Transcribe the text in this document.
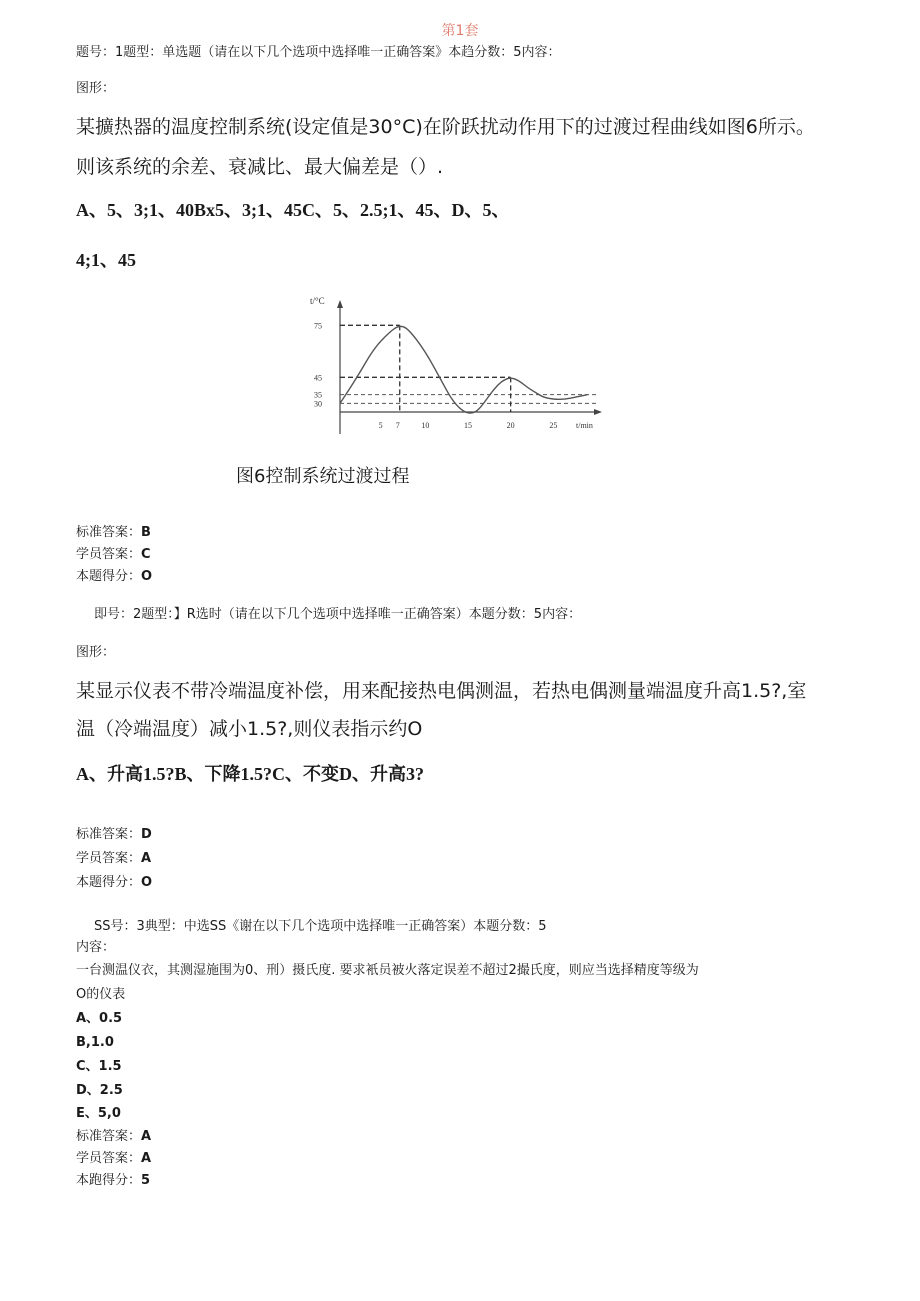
第1套
题号：1题型：单选题（请在以下几个选项中选择唯一正确答案》本趋分数：5内容：
图形：
某擴热器的温度控制系统(设定值是30°C)在阶跃扰动作用下的过渡过程曲线如图6所示。
则该系统的余差、衰减比、最大偏差是（）.
A、5、3;1、40Bx5、3;1、45C、5、2.5;1、45、D、5、
4;1、45
t/°C
t/min
75
45
35
30
5 7	10	15	20	25
图6控制系统过渡过程
标准答案：B
学员答案：C
本题得分：O
即号：2题型：】R选时（请在以下几个选项中选择唯一正确答案）本题分数：5内容：
图形：
某显示仪表不带冷端温度补偿，用来配接热电偶测温，若热电偶测量端温度升高1.5?,室
温（冷端温度）减小1.5?,则仪表指示约O
A、升高1.5?B、下降1.5?C、不变D、升高3?
标准答案：D
学员答案：A
本题得分：O
SS号：3典型：中选SS《谢在以下几个选项中选择唯一正确答案）本题分数：5
内容：
一台测温仪衣，其测湿施围为0、刑）摄氏度. 要求衹员被火落定误差不超过2撮氏度，则应当选择精度等级为
O的仪表
A、0.5
B,1.0
C、1.5
D、2.5
E、5,0
标准答案：A
学员答案：A
本跑得分：5
